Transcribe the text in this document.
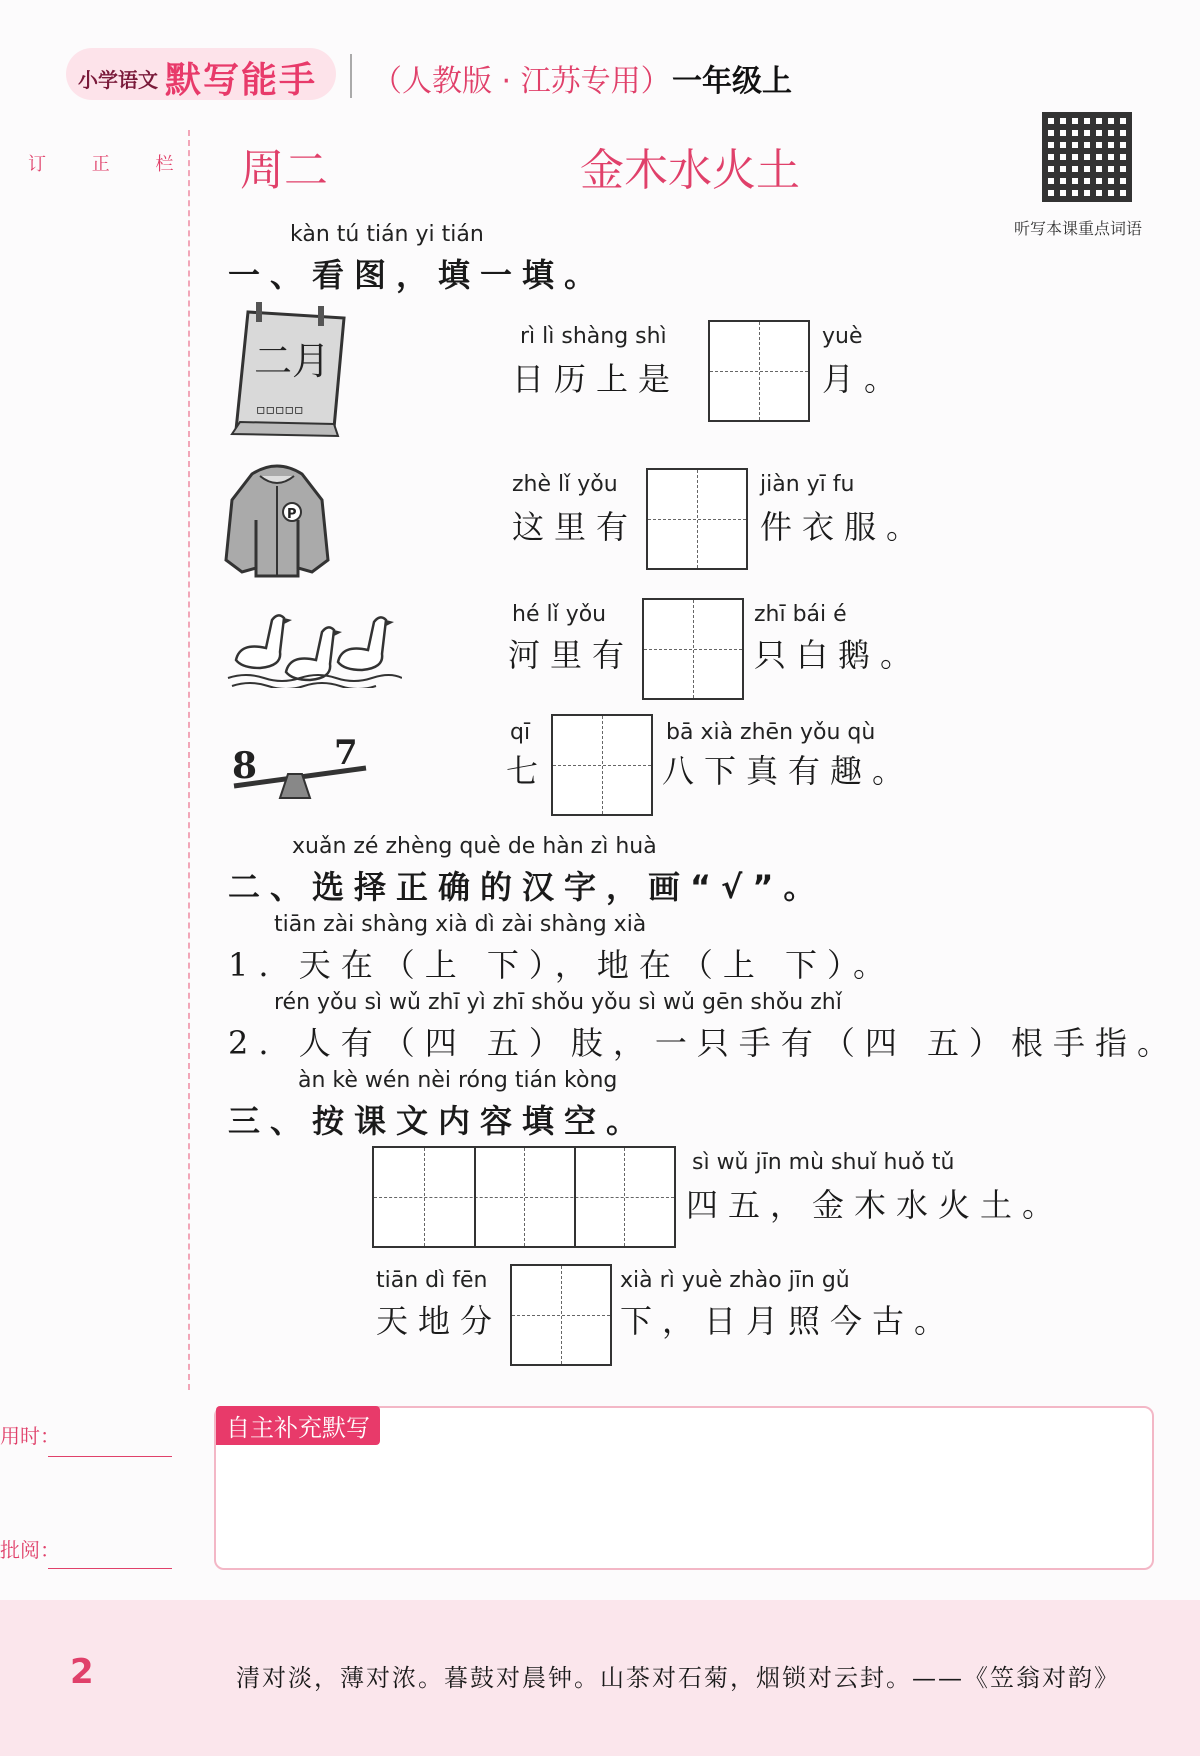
小学语文 默写能手 （人教版 · 江苏专用） 一年级上
订 正 栏 周二	金木水火土
听写本课重点词语
kàn tú tián yi tián
一、看图，填一填。
二月
▫▫▫▫▫
rì lì shàng shì
日历上是
yuè
月。
P
zhè lǐ yǒu
这里有
jiàn yī fu
件衣服。
hé lǐ yǒu
河里有
zhī bái é
只白鹅。
8 7
qī
七
bā xià zhēn yǒu qù
八下真有趣。
xuǎn zé zhèng què de hàn zì huà
二、选择正确的汉字，画“√”。
tiān zài shàng xià dì zài shàng xià
1. 天在（上 下），地在（上 下）。
rén yǒu sì wǔ zhī yì zhī shǒu yǒu sì wǔ gēn shǒu zhǐ
2. 人有（四 五）肢，一只手有（四 五）根手指。
àn kè wén nèi róng tián kòng
三、按课文内容填空。
sì wǔ jīn mù shuǐ huǒ tǔ
四五，金木水火土。
tiān dì fēn
天地分
xià rì yuè zhào jīn gǔ
下，日月照今古。
用时：
批阅：
自主补充默写
2	清对淡，薄对浓。暮鼓对晨钟。山茶对石菊，烟锁对云封。——《笠翁对韵》
